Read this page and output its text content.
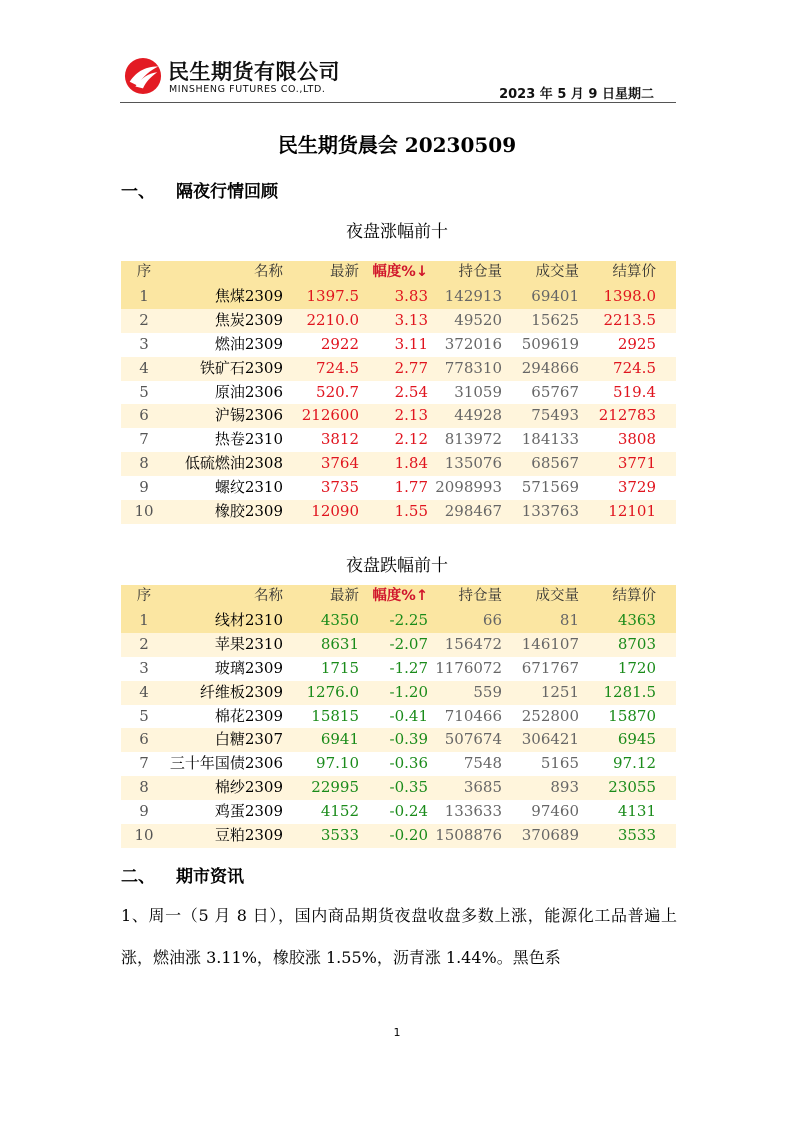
民生期货有限公司
MINSHENG FUTURES CO.,LTD.	2023 年 5 月 9 日星期二
民生期货晨会 20230509
一、 隔夜行情回顾
夜盘涨幅前十
序	名称	最新 幅度%↓ 持仓量 成交量 结算价
1	焦煤2309 1397.5 3.83 142913 69401 1398.0
2	焦炭2309 2210.0 3.13 49520 15625 2213.5
3	燃油2309	2922 3.11 372016 509619	2925
4	铁矿石2309 724.5 2.77 778310 294866 724.5
5	原油2306 520.7 2.54 31059 65767 519.4
6	沪锡2306 212600 2.13 44928 75493 212783
7	热卷2310	3812 2.12 813972 184133	3808
8	低硫燃油2308	3764 1.84 135076 68567	3771
9	螺纹2310	3735 1.77 2098993 571569	3729
10	橡胶2309 12090 1.55 298467 133763 12101
夜盘跌幅前十
序	名称	最新 幅度%↑ 持仓量 成交量 结算价
1	线材2310	4350 -2.25	66	81	4363
2	苹果2310	8631 -2.07 156472 146107	8703
3	玻璃2309	1715 -1.27 1176072 671767	1720
4	纤维板2309 1276.0 -1.20	559	1251 1281.5
5	棉花2309 15815 -0.41 710466 252800 15870
6	白糖2307	6941 -0.39 507674 306421	6945
7	三十年国债2306 97.10 -0.36 7548	5165 97.12
8	棉纱2309 22995 -0.35 3685	893 23055
9	鸡蛋2309	4152 -0.24 133633 97460	4131
10	豆粕2309	3533 -0.20 1508876 370689	3533
二、 期市资讯
1、周一（5 月 8 日），国内商品期货夜盘收盘多数上涨，能源化工品普遍上涨，燃油涨 3.11%，橡胶涨 1.55%，沥青涨 1.44%。黑色系
1
